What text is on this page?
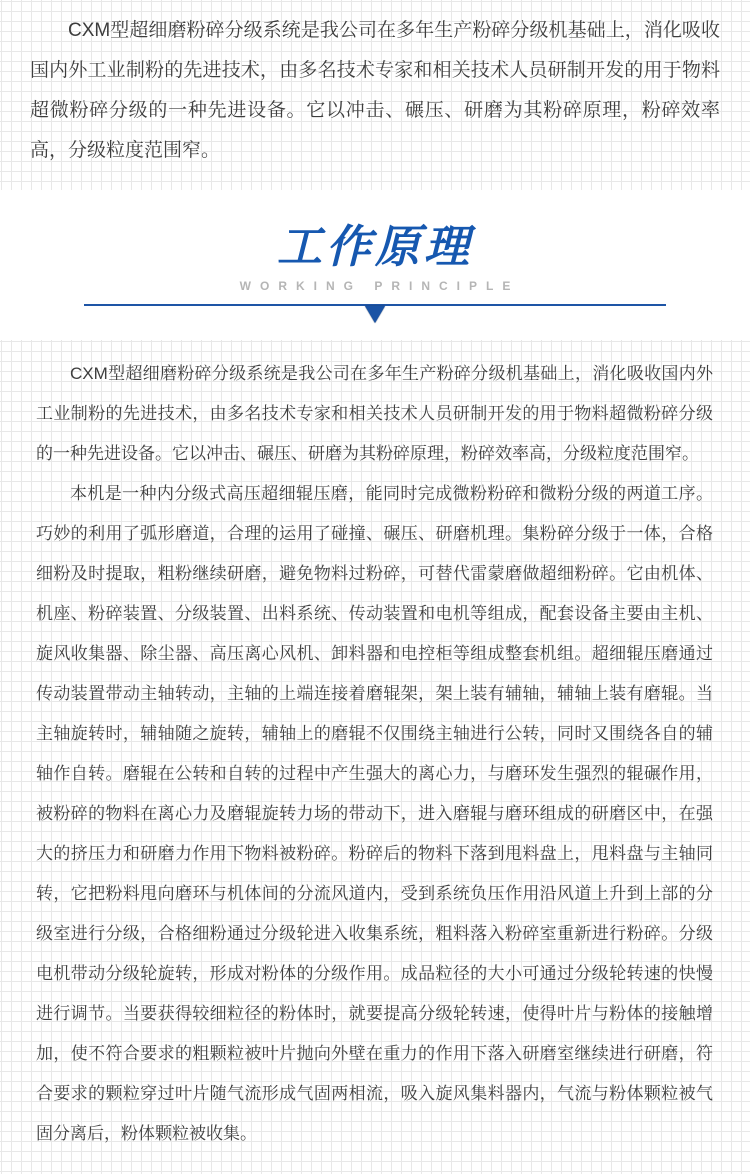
CXM型超细磨粉碎分级系统是我公司在多年生产粉碎分级机基础上，消化吸收国内外工业制粉的先进技术，由多名技术专家和相关技术人员研制开发的用于物料超微粉碎分级的一种先进设备。它以冲击、碾压、研磨为其粉碎原理，粉碎效率高，分级粒度范围窄。

工作原理
WORKING PRINCIPLE

CXM型超细磨粉碎分级系统是我公司在多年生产粉碎分级机基础上，消化吸收国内外工业制粉的先进技术，由多名技术专家和相关技术人员研制开发的用于物料超微粉碎分级的一种先进设备。它以冲击、碾压、研磨为其粉碎原理，粉碎效率高，分级粒度范围窄。

本机是一种内分级式高压超细辊压磨，能同时完成微粉粉碎和微粉分级的两道工序。巧妙的利用了弧形磨道，合理的运用了碰撞、碾压、研磨机理。集粉碎分级于一体，合格细粉及时提取，粗粉继续研磨，避免物料过粉碎，可替代雷蒙磨做超细粉碎。它由机体、机座、粉碎装置、分级装置、出料系统、传动装置和电机等组成，配套设备主要由主机、旋风收集器、除尘器、高压离心风机、卸料器和电控柜等组成整套机组。超细辊压磨通过传动装置带动主轴转动，主轴的上端连接着磨辊架，架上装有辅轴，辅轴上装有磨辊。当主轴旋转时，辅轴随之旋转，辅轴上的磨辊不仅围绕主轴进行公转，同时又围绕各自的辅轴作自转。磨辊在公转和自转的过程中产生强大的离心力，与磨环发生强烈的辊碾作用，被粉碎的物料在离心力及磨辊旋转力场的带动下，进入磨辊与磨环组成的研磨区中，在强大的挤压力和研磨力作用下物料被粉碎。粉碎后的物料下落到甩料盘上，甩料盘与主轴同转，它把粉料甩向磨环与机体间的分流风道内，受到系统负压作用沿风道上升到上部的分级室进行分级，合格细粉通过分级轮进入收集系统，粗料落入粉碎室重新进行粉碎。分级电机带动分级轮旋转，形成对粉体的分级作用。成品粒径的大小可通过分级轮转速的快慢进行调节。当要获得较细粒径的粉体时，就要提高分级轮转速，使得叶片与粉体的接触增加，使不符合要求的粗颗粒被叶片抛向外壁在重力的作用下落入研磨室继续进行研磨，符合要求的颗粒穿过叶片随气流形成气固两相流，吸入旋风集料器内，气流与粉体颗粒被气固分离后，粉体颗粒被收集。
